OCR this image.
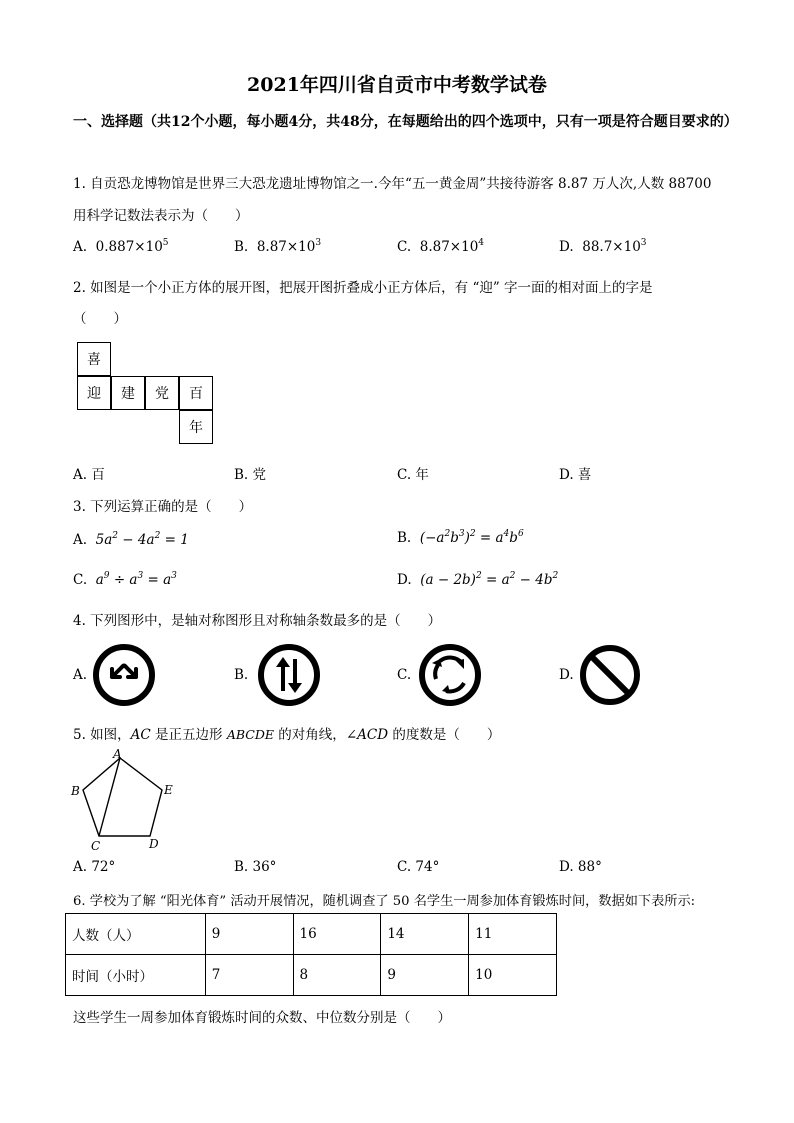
2021年四川省自贡市中考数学试卷
一、选择题（共12个小题，每小题4分，共48分，在每题给出的四个选项中，只有一项是符合题目要求的）
1. 自贡恐龙博物馆是世界三大恐龙遗址博物馆之一.今年“五一黄金周”共接待游客 8.87 万人次,人数 88700
用科学记数法表示为（　　）
A. $0.887\times 10^5$	B. $8.87\times 10^3$	C. $8.87\times 10^4$	D. $88.7\times 10^3$
2. 如图是一个小正方体的展开图，把展开图折叠成小正方体后，有 “迎” 字一面的相对面上的字是
（　　）
喜
迎	建	党	百
年
A. 百	B. 党	C. 年	D. 喜
3. 下列运算正确的是（　　）
A. $5a^2 - 4a^2 = 1$	B. $(-a^2b^3)^2 = a^4b^6$
C. $a^9 \div a^3 = a^3$	D. $(a - 2b)^2 = a^2 - 4b^2$
4. 下列图形中，是轴对称图形且对称轴条数最多的是（　　）
A.	B.	C.	D.
5. 如图，AC 是正五边形 ABCDE 的对角线，∠ACD 的度数是（　　）
A
B
C	D
E
A. 72°	B. 36°	C. 74°	D. 88°
6. 学校为了解 “阳光体育” 活动开展情况，随机调查了 50 名学生一周参加体育锻炼时间，数据如下表所示:
人数（人）	9	16	14	11
时间（小时）	7	8	9	10
这些学生一周参加体育锻炼时间的众数、中位数分别是（　　）
